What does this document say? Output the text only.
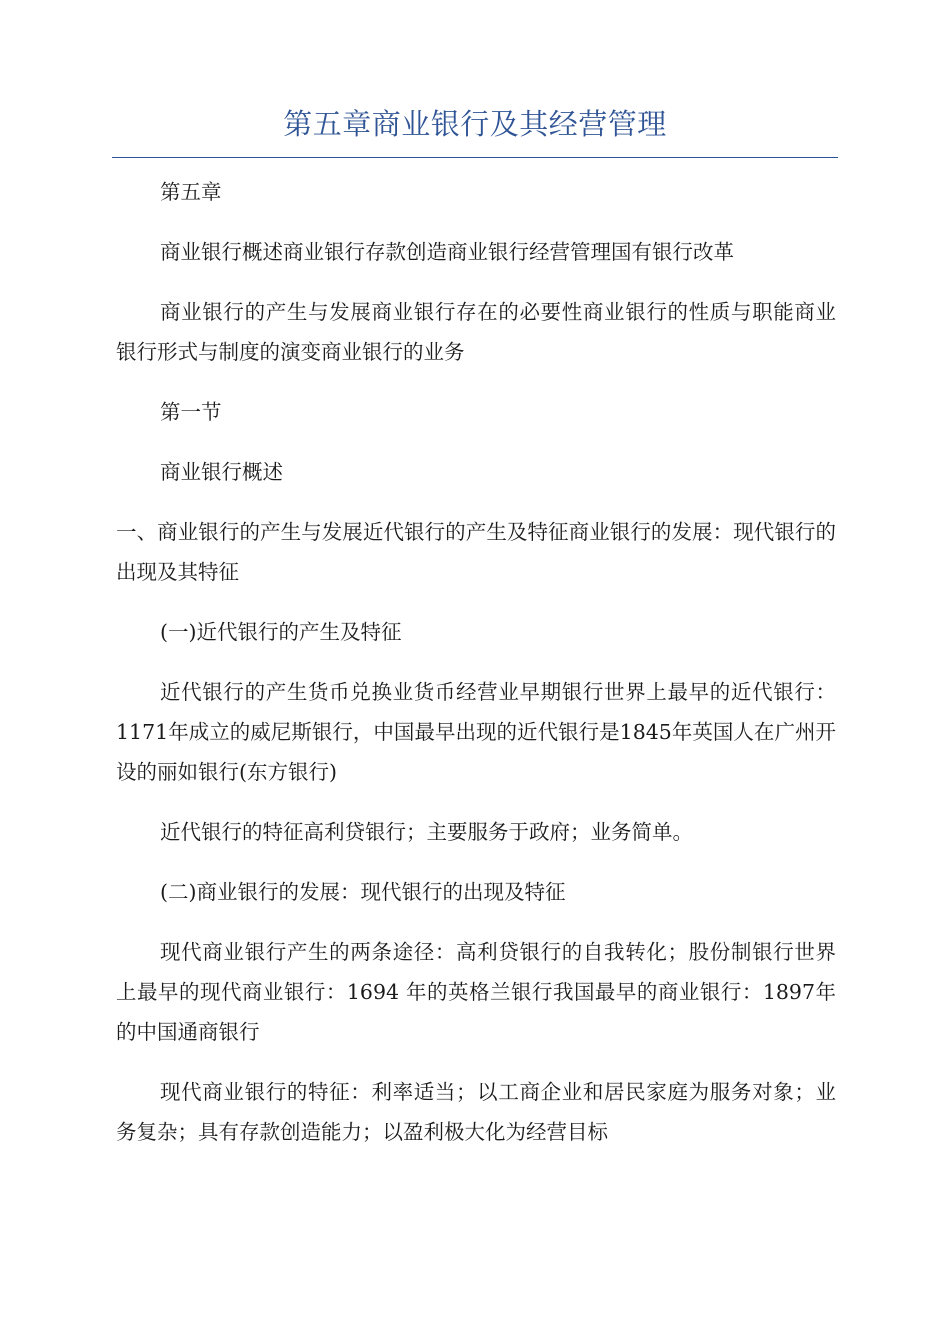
第五章商业银行及其经营管理

第五章

商业银行概述商业银行存款创造商业银行经营管理国有银行改革

商业银行的产生与发展商业银行存在的必要性商业银行的性质与职能商业银行形式与制度的演变商业银行的业务

第一节

商业银行概述

一、商业银行的产生与发展近代银行的产生及特征商业银行的发展：现代银行的出现及其特征

(一)近代银行的产生及特征

近代银行的产生货币兑换业货币经营业早期银行世界上最早的近代银行：1171年成立的威尼斯银行，中国最早出现的近代银行是1845年英国人在广州开设的丽如银行(东方银行)

近代银行的特征高利贷银行；主要服务于政府；业务简单。

(二)商业银行的发展：现代银行的出现及特征

现代商业银行产生的两条途径：高利贷银行的自我转化；股份制银行世界上最早的现代商业银行：1694 年的英格兰银行我国最早的商业银行：1897年的中国通商银行

现代商业银行的特征：利率适当；以工商企业和居民家庭为服务对象；业务复杂；具有存款创造能力；以盈利极大化为经营目标
